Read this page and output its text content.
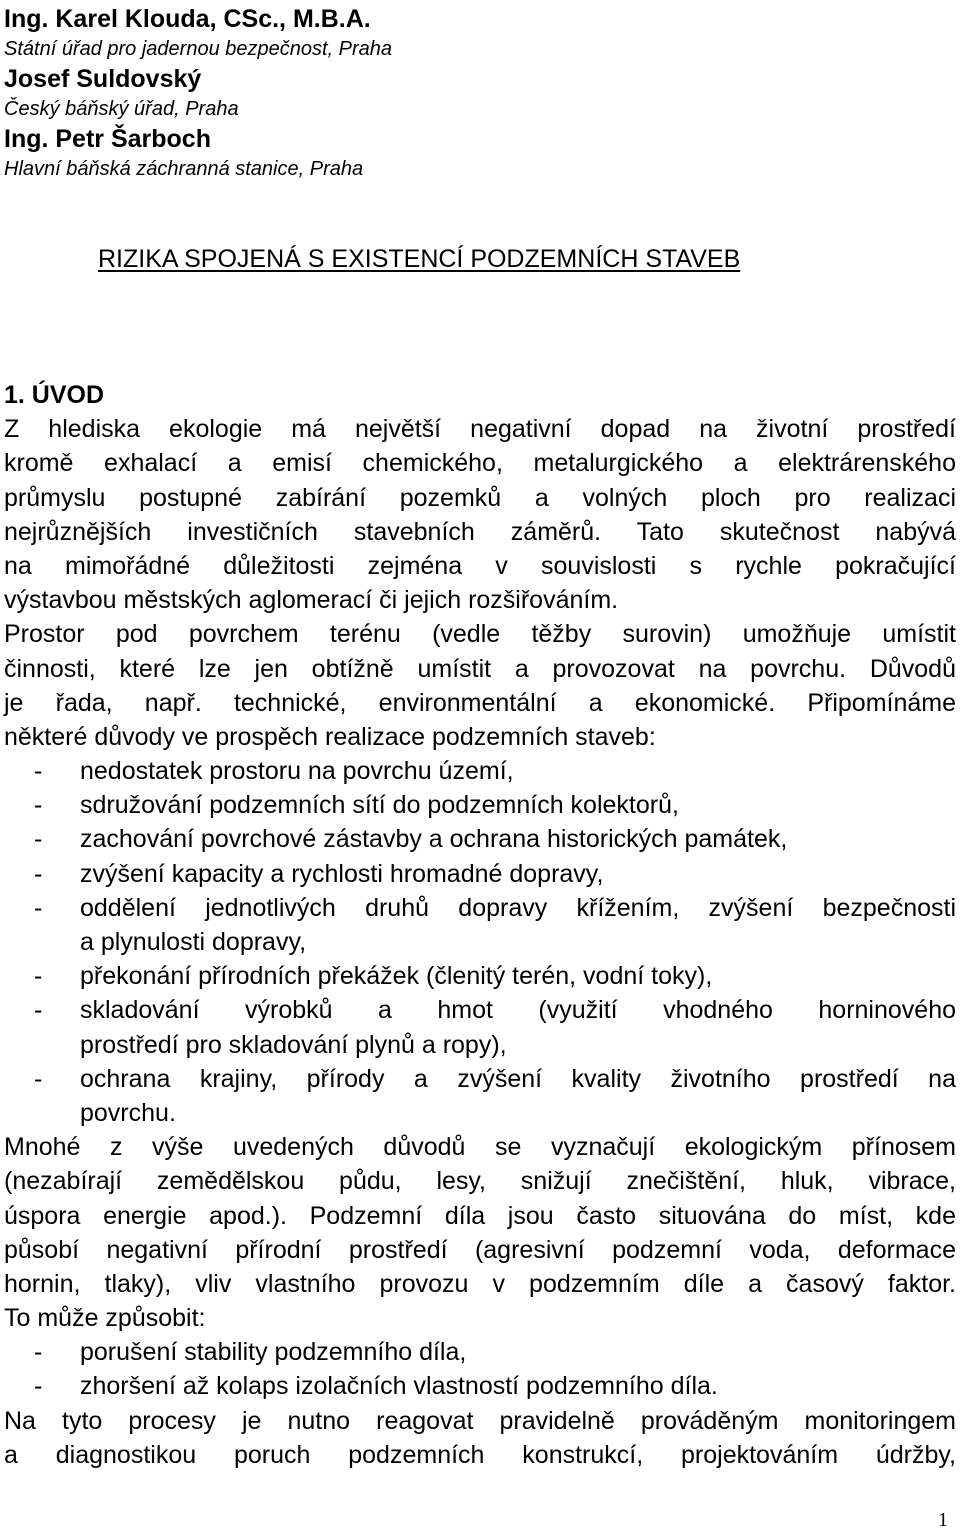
Ing. Karel Klouda, CSc., M.B.A.
Státní úřad pro jadernou bezpečnost, Praha
Josef Suldovský
Český báňský úřad, Praha
Ing. Petr Šarboch
Hlavní báňská záchranná stanice, Praha
RIZIKA SPOJENÁ S EXISTENCÍ PODZEMNÍCH STAVEB
1. ÚVOD
Z hlediska ekologie má největší negativní dopad na životní prostředí
kromě exhalací a emisí chemického, metalurgického a elektrárenského
průmyslu postupné zabírání pozemků a volných ploch pro realizaci
nejrůznějších investičních stavebních záměrů. Tato skutečnost nabývá
na mimořádné důležitosti zejména v souvislosti s rychle pokračující
výstavbou městských aglomerací či jejich rozšiřováním.
Prostor pod povrchem terénu (vedle těžby surovin) umožňuje umístit
činnosti, které lze jen obtížně umístit a provozovat na povrchu. Důvodů
je řada, např. technické, environmentální a ekonomické. Připomínáme
některé důvody ve prospěch realizace podzemních staveb:
- nedostatek prostoru na povrchu území,
- sdružování podzemních sítí do podzemních kolektorů,
- zachování povrchové zástavby a ochrana historických památek,
- zvýšení kapacity a rychlosti hromadné dopravy,
- oddělení jednotlivých druhů dopravy křížením, zvýšení bezpečnosti
a plynulosti dopravy,
- překonání přírodních překážek (členitý terén, vodní toky),
- skladování výrobků a hmot (využití vhodného horninového
prostředí pro skladování plynů a ropy),
- ochrana krajiny, přírody a zvýšení kvality životního prostředí na
povrchu.
Mnohé z výše uvedených důvodů se vyznačují ekologickým přínosem
(nezabírají zemědělskou půdu, lesy, snižují znečištění, hluk, vibrace,
úspora energie apod.). Podzemní díla jsou často situována do míst, kde
působí negativní přírodní prostředí (agresivní podzemní voda, deformace
hornin, tlaky), vliv vlastního provozu v podzemním díle a časový faktor.
To může způsobit:
- porušení stability podzemního díla,
- zhoršení až kolaps izolačních vlastností podzemního díla.
Na tyto procesy je nutno reagovat pravidelně prováděným monitoringem
a diagnostikou poruch podzemních konstrukcí, projektováním údržby,
1
